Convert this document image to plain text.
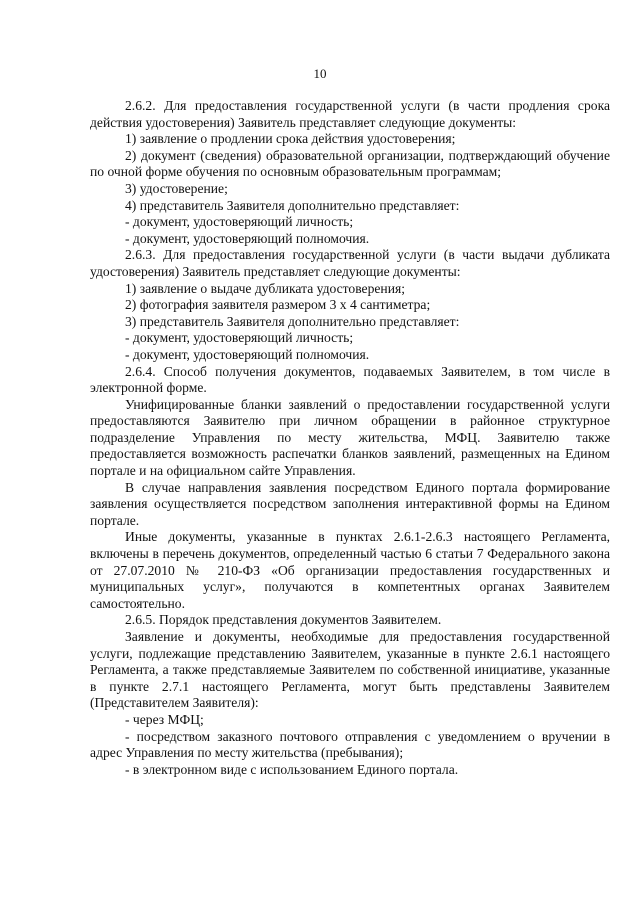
10

2.6.2. Для предоставления государственной услуги (в части продления срока действия удостоверения) Заявитель представляет следующие документы:

1) заявление о продлении срока действия удостоверения;

2) документ (сведения) образовательной организации, подтверждающий обучение по очной форме обучения по основным образовательным программам;

3) удостоверение;

4) представитель Заявителя дополнительно представляет:

- документ, удостоверяющий личность;

- документ, удостоверяющий полномочия.

2.6.3. Для предоставления государственной услуги (в части выдачи дубликата удостоверения) Заявитель представляет следующие документы:

1) заявление о выдаче дубликата удостоверения;

2) фотография заявителя размером 3 х 4 сантиметра;

3) представитель Заявителя дополнительно представляет:

- документ, удостоверяющий личность;

- документ, удостоверяющий полномочия.

2.6.4. Способ получения документов, подаваемых Заявителем, в том числе в электронной форме.

Унифицированные бланки заявлений о предоставлении государственной услуги предоставляются Заявителю при личном обращении в районное структурное подразделение Управления по месту жительства, МФЦ. Заявителю также предоставляется возможность распечатки бланков заявлений, размещенных на Едином портале и на официальном сайте Управления.

В случае направления заявления посредством Единого портала формирование заявления осуществляется посредством заполнения интерактивной формы на Едином портале.

Иные документы, указанные в пунктах 2.6.1-2.6.3 настоящего Регламента, включены в перечень документов, определенный частью 6 статьи 7 Федерального закона от 27.07.2010 № 210-ФЗ «Об организации предоставления государственных и муниципальных услуг», получаются в компетентных органах Заявителем самостоятельно.

2.6.5. Порядок представления документов Заявителем.

Заявление и документы, необходимые для предоставления государственной услуги, подлежащие представлению Заявителем, указанные в пункте 2.6.1 настоящего Регламента, а также представляемые Заявителем по собственной инициативе, указанные в пункте 2.7.1 настоящего Регламента, могут быть представлены Заявителем (Представителем Заявителя):

- через МФЦ;

- посредством заказного почтового отправления с уведомлением о вручении в адрес Управления по месту жительства (пребывания);

- в электронном виде с использованием Единого портала.
